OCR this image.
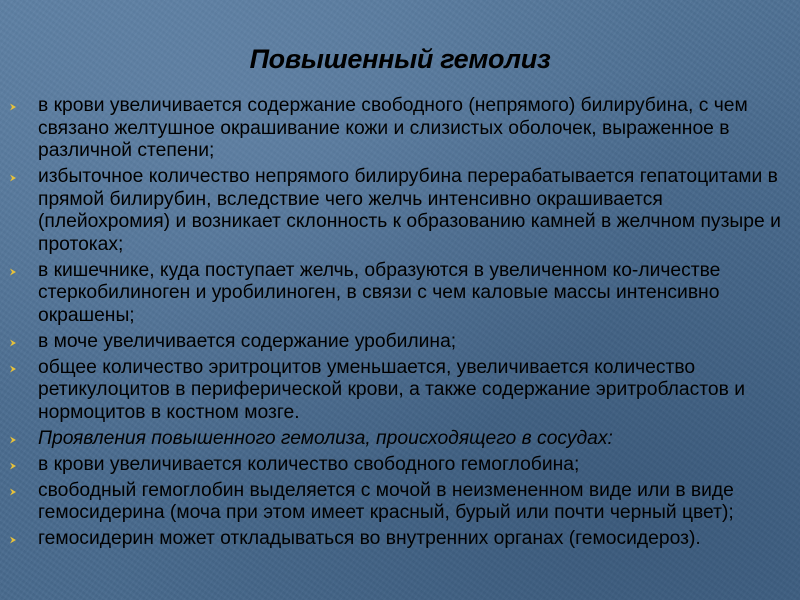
Повышенный гемолиз
в крови увеличивается содержание свободного (непрямого) билирубина, с чем связано желтушное окрашивание кожи и слизистых оболочек, выраженное в различной степени;
избыточное количество непрямого билирубина перерабатывается гепатоцитами в прямой билирубин, вследствие чего желчь интенсивно окрашивается (плейохромия) и возникает склонность к образованию камней в желчном пузыре и протоках;
в кишечнике, куда поступает желчь, образуются в увеличенном ко-личестве стеркобилиноген и уробилиноген, в связи с чем каловые массы интенсивно окрашены;
в моче увеличивается содержание уробилина;
общее количество эритроцитов уменьшается, увеличивается количество ретикулоцитов в периферической крови, а также содержание эритробластов и нормоцитов в костном мозге.
Проявления повышенного гемолиза, происходящего в сосудах:
в крови увеличивается количество свободного гемоглобина;
свободный гемоглобин выделяется с мочой в неизмененном виде или в виде гемосидерина (моча при этом имеет красный, бурый или почти черный цвет);
гемосидерин может откладываться во внутренних органах (гемосидероз).
